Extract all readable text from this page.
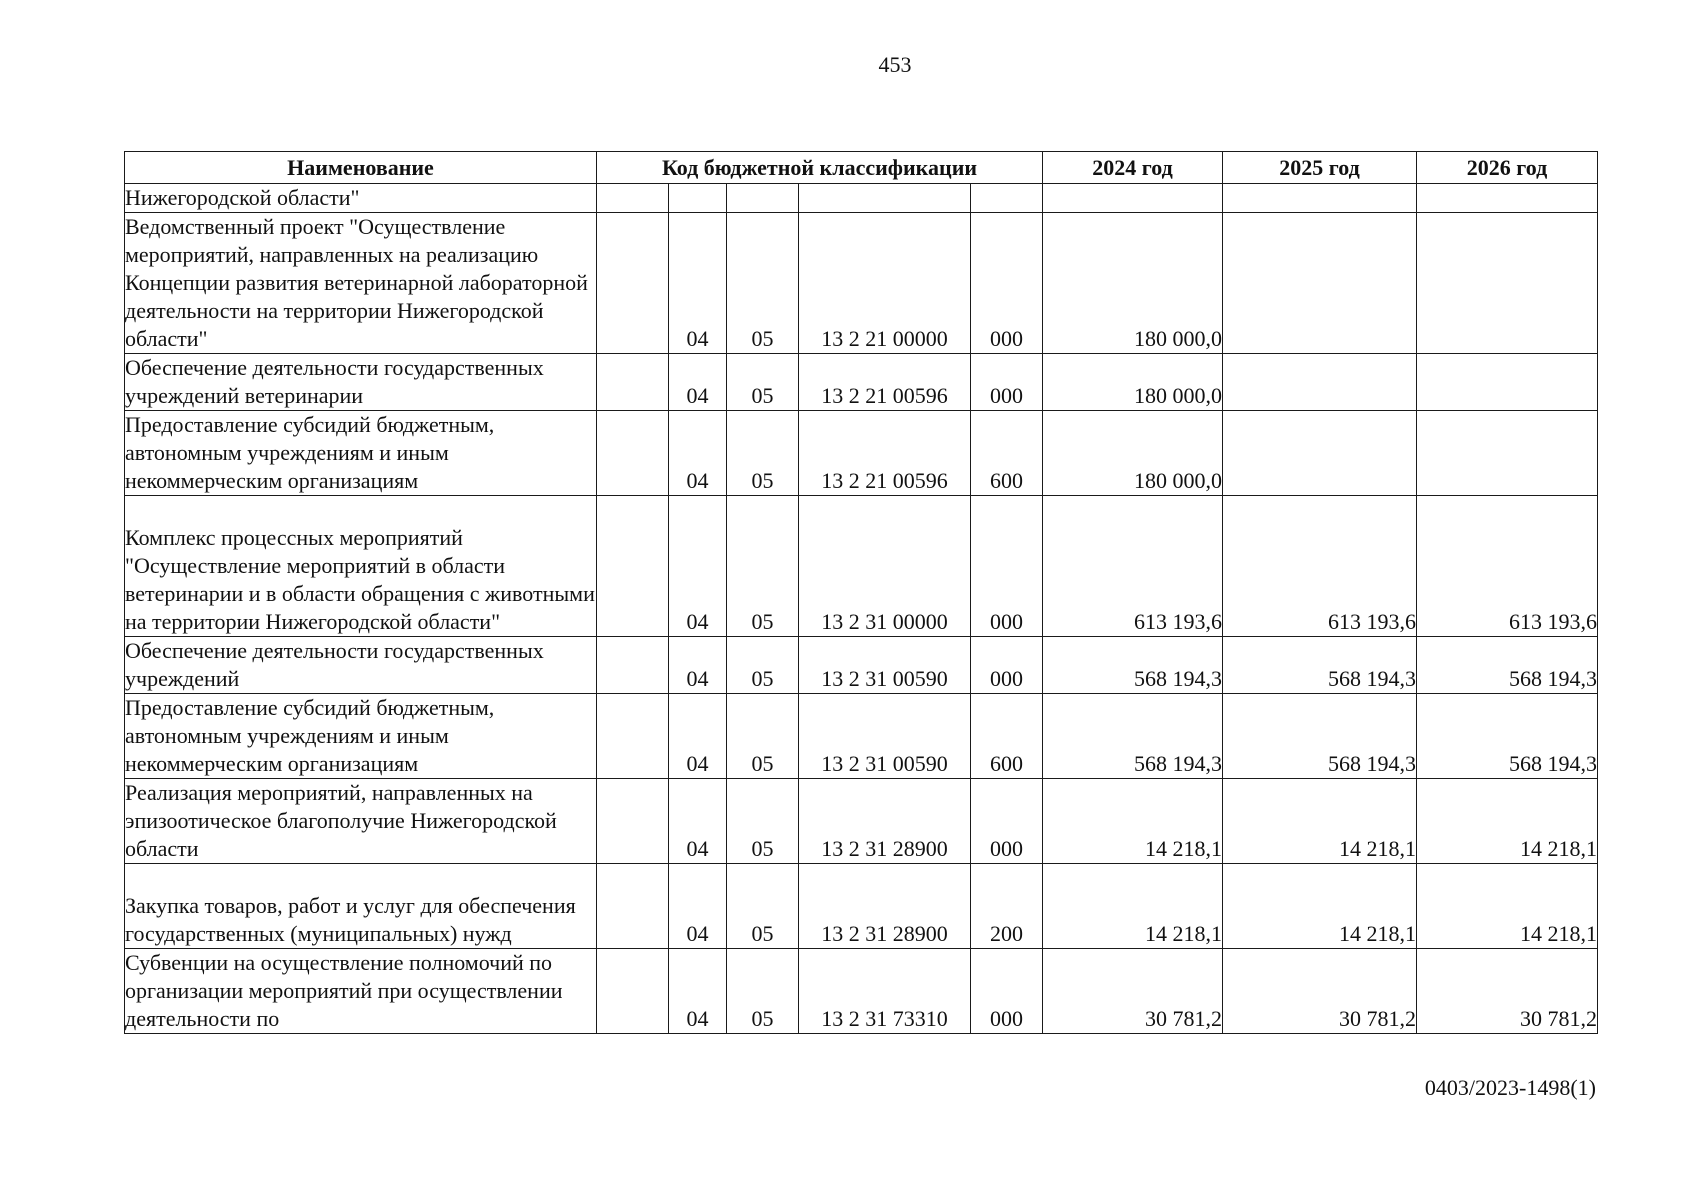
453
Наименование	Код бюджетной классификации					2024 год	2025 год	2026 год
Нижегородской области"								
Ведомственный проект "Осуществление мероприятий, направленных на реализацию Концепции развития ветеринарной лабораторной деятельности на территории Нижегородской области"		04	05	13 2 21 00000	000	180 000,0		
Обеспечение деятельности государственных учреждений ветеринарии		04	05	13 2 21 00596	000	180 000,0		
Предоставление субсидий бюджетным, автономным учреждениям и иным некоммерческим организациям		04	05	13 2 21 00596	600	180 000,0		
Комплекс процессных мероприятий "Осуществление мероприятий в области ветеринарии и в области обращения с животными на территории Нижегородской области"		04	05	13 2 31 00000	000	613 193,6	613 193,6	613 193,6
Обеспечение деятельности государственных учреждений		04	05	13 2 31 00590	000	568 194,3	568 194,3	568 194,3
Предоставление субсидий бюджетным, автономным учреждениям и иным некоммерческим организациям		04	05	13 2 31 00590	600	568 194,3	568 194,3	568 194,3
Реализация мероприятий, направленных на эпизоотическое благополучие Нижегородской области		04	05	13 2 31 28900	000	14 218,1	14 218,1	14 218,1
Закупка товаров, работ и услуг для обеспечения государственных (муниципальных) нужд		04	05	13 2 31 28900	200	14 218,1	14 218,1	14 218,1
Субвенции на осуществление полномочий по организации мероприятий при осуществлении деятельности по		04	05	13 2 31 73310	000	30 781,2	30 781,2	30 781,2
0403/2023-1498(1)
